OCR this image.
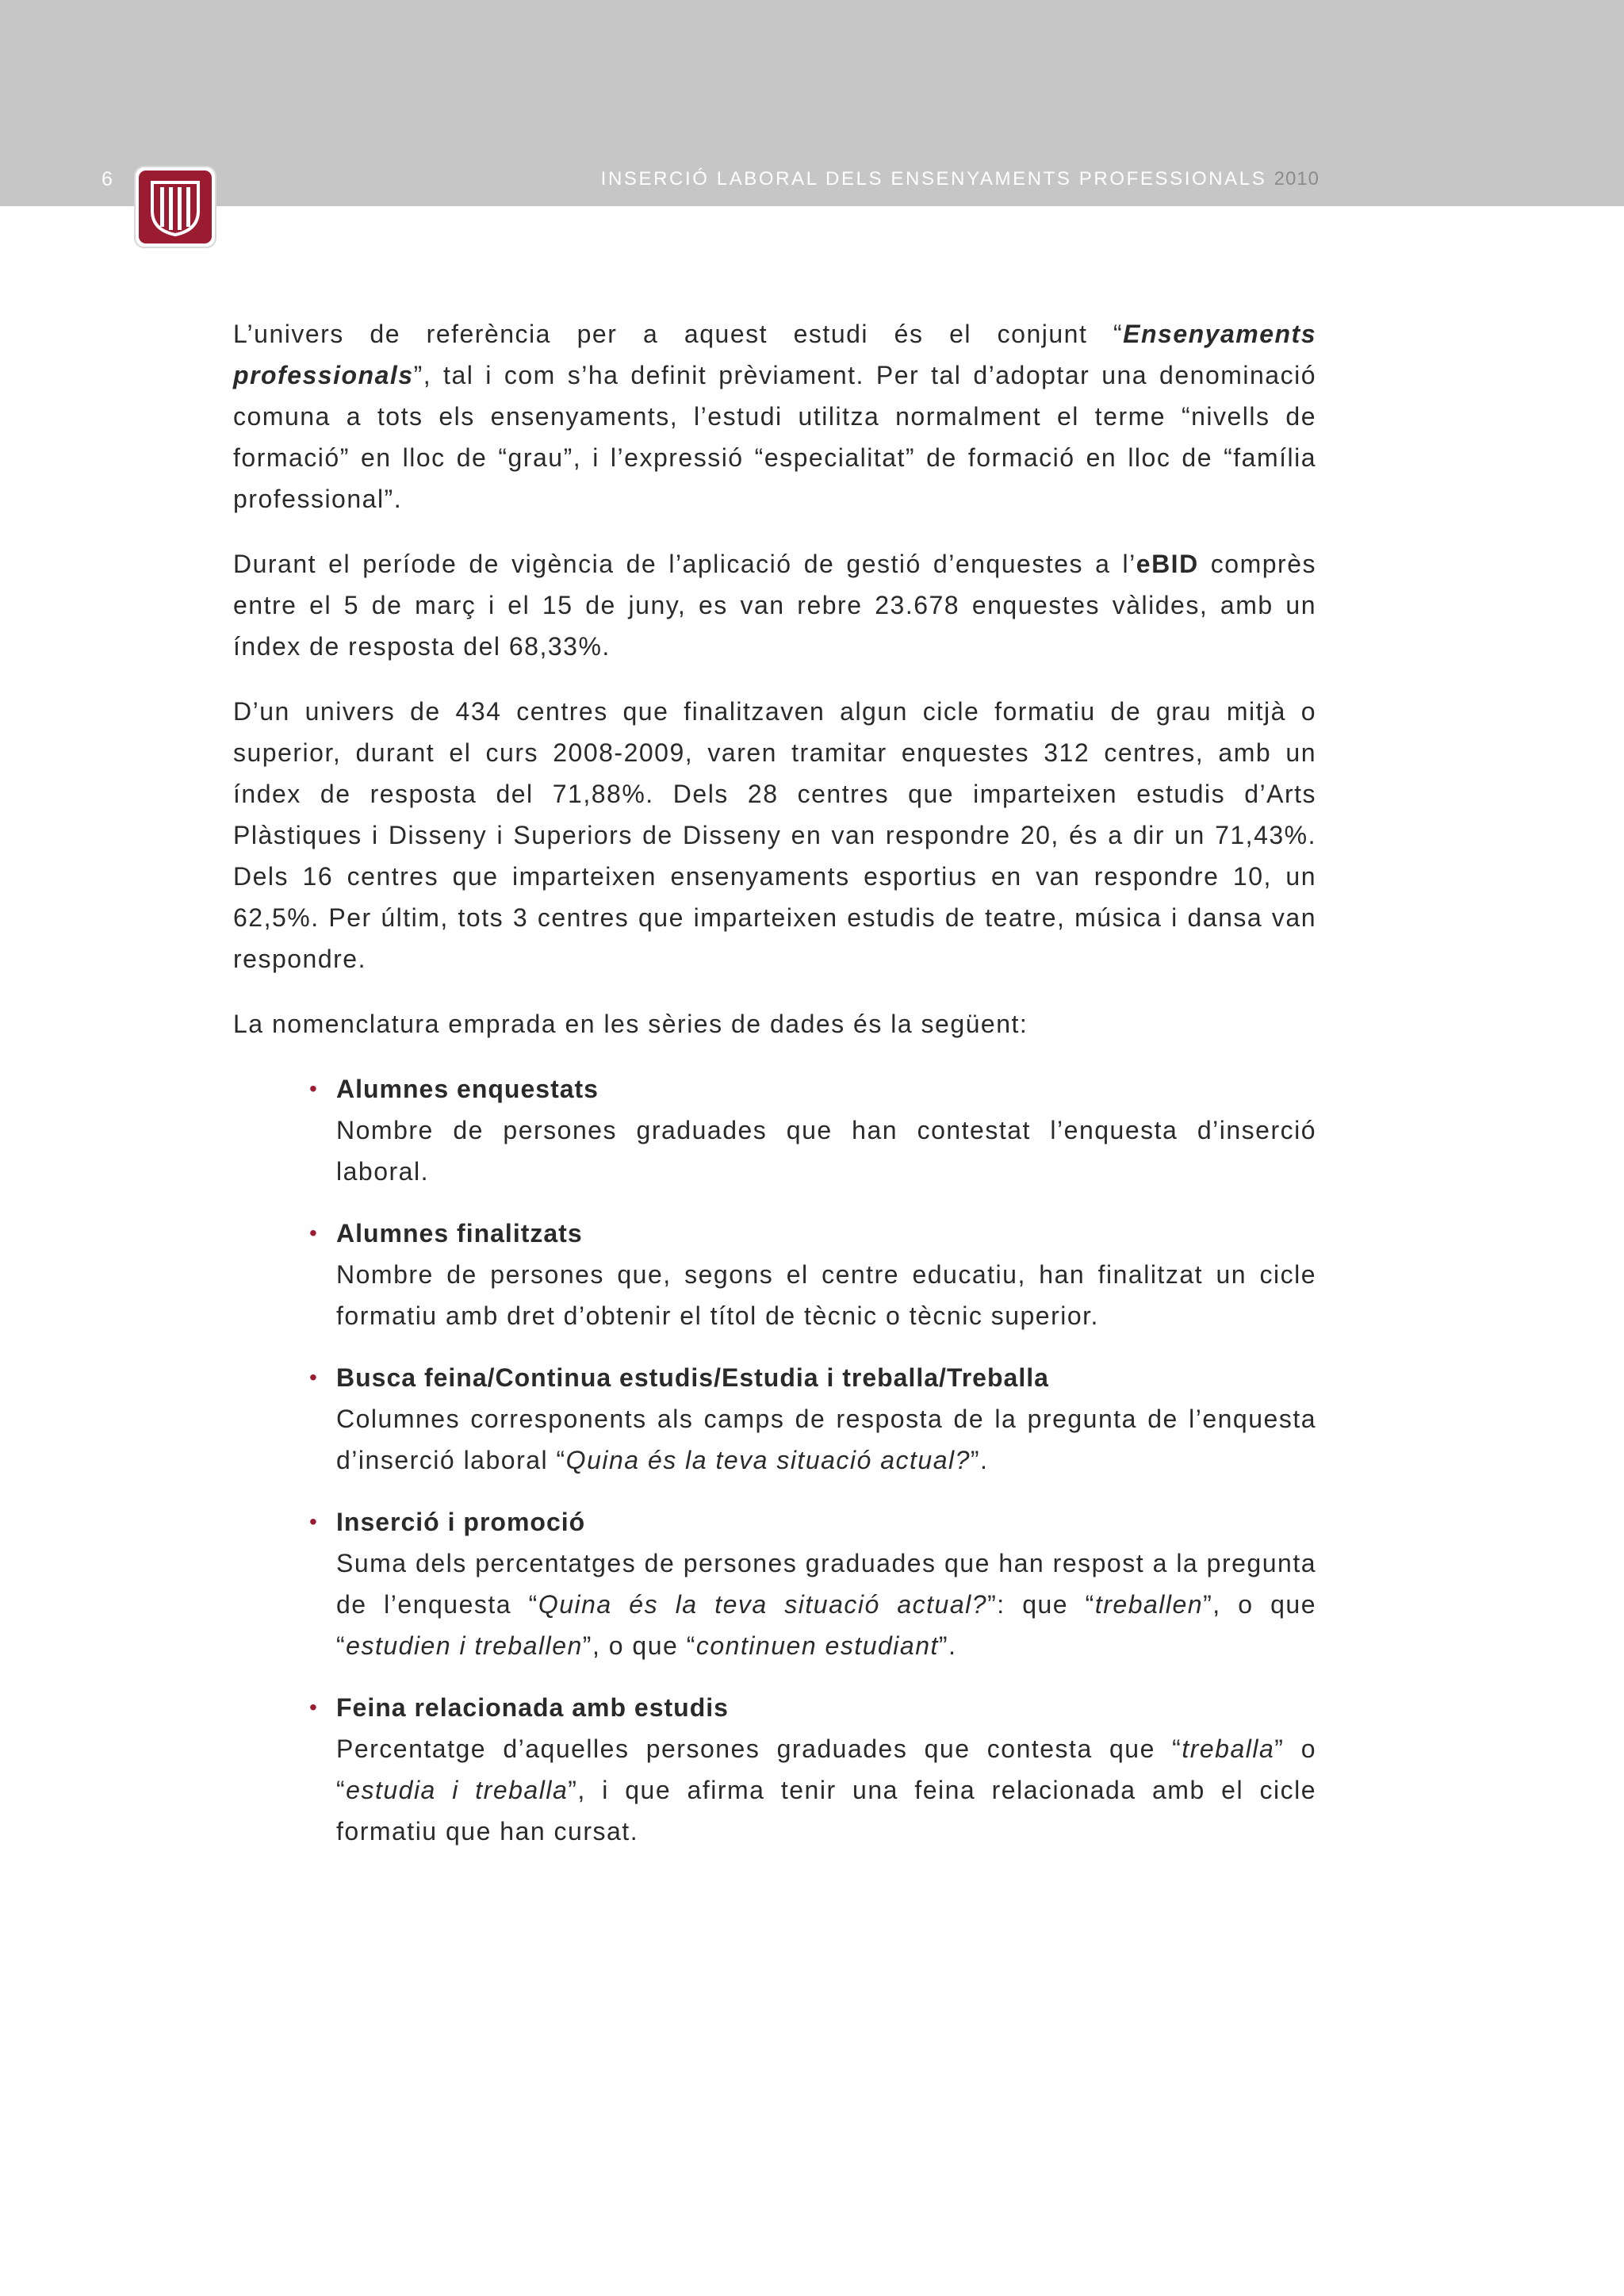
6	INSERCIÓ LABORAL DELS ENSENYAMENTS PROFESSIONALS 2010

L’univers de referència per a aquest estudi és el conjunt “Ensenyaments professionals”, tal i com s’ha definit prèviament. Per tal d’adoptar una denominació comuna a tots els ensenyaments, l’estudi utilitza normalment el terme “nivells de formació” en lloc de “grau”, i l’expressió “especialitat” de formació en lloc de “família professional”.

Durant el període de vigència de l’aplicació de gestió d’enquestes a l’eBID comprès entre el 5 de març i el 15 de juny, es van rebre 23.678 enquestes vàlides, amb un índex de resposta del 68,33%.

D’un univers de 434 centres que finalitzaven algun cicle formatiu de grau mitjà o superior, durant el curs 2008-2009, varen tramitar enquestes 312 centres, amb un índex de resposta del 71,88%. Dels 28 centres que imparteixen estudis d’Arts Plàstiques i Disseny i Superiors de Disseny en van respondre 20, és a dir un 71,43%. Dels 16 centres que imparteixen ensenyaments esportius en van respondre 10, un 62,5%. Per últim, tots 3 centres que imparteixen estudis de teatre, música i dansa van respondre.

La nomenclatura emprada en les sèries de dades és la següent:

• Alumnes enquestats
Nombre de persones graduades que han contestat l’enquesta d’inserció laboral.
• Alumnes finalitzats
Nombre de persones que, segons el centre educatiu, han finalitzat un cicle formatiu amb dret d’obtenir el títol de tècnic o tècnic superior.
• Busca feina/Continua estudis/Estudia i treballa/Treballa
Columnes corresponents als camps de resposta de la pregunta de l’enquesta d’inserció laboral “Quina és la teva situació actual?”.
• Inserció i promoció
Suma dels percentatges de persones graduades que han respost a la pregunta de l’enquesta “Quina és la teva situació actual?”: que “treballen”, o que “estudien i treballen”, o que “continuen estudiant”.
• Feina relacionada amb estudis
Percentatge d’aquelles persones graduades que contesta que “treballa” o “estudia i treballa”, i que afirma tenir una feina relacionada amb el cicle formatiu que han cursat.
